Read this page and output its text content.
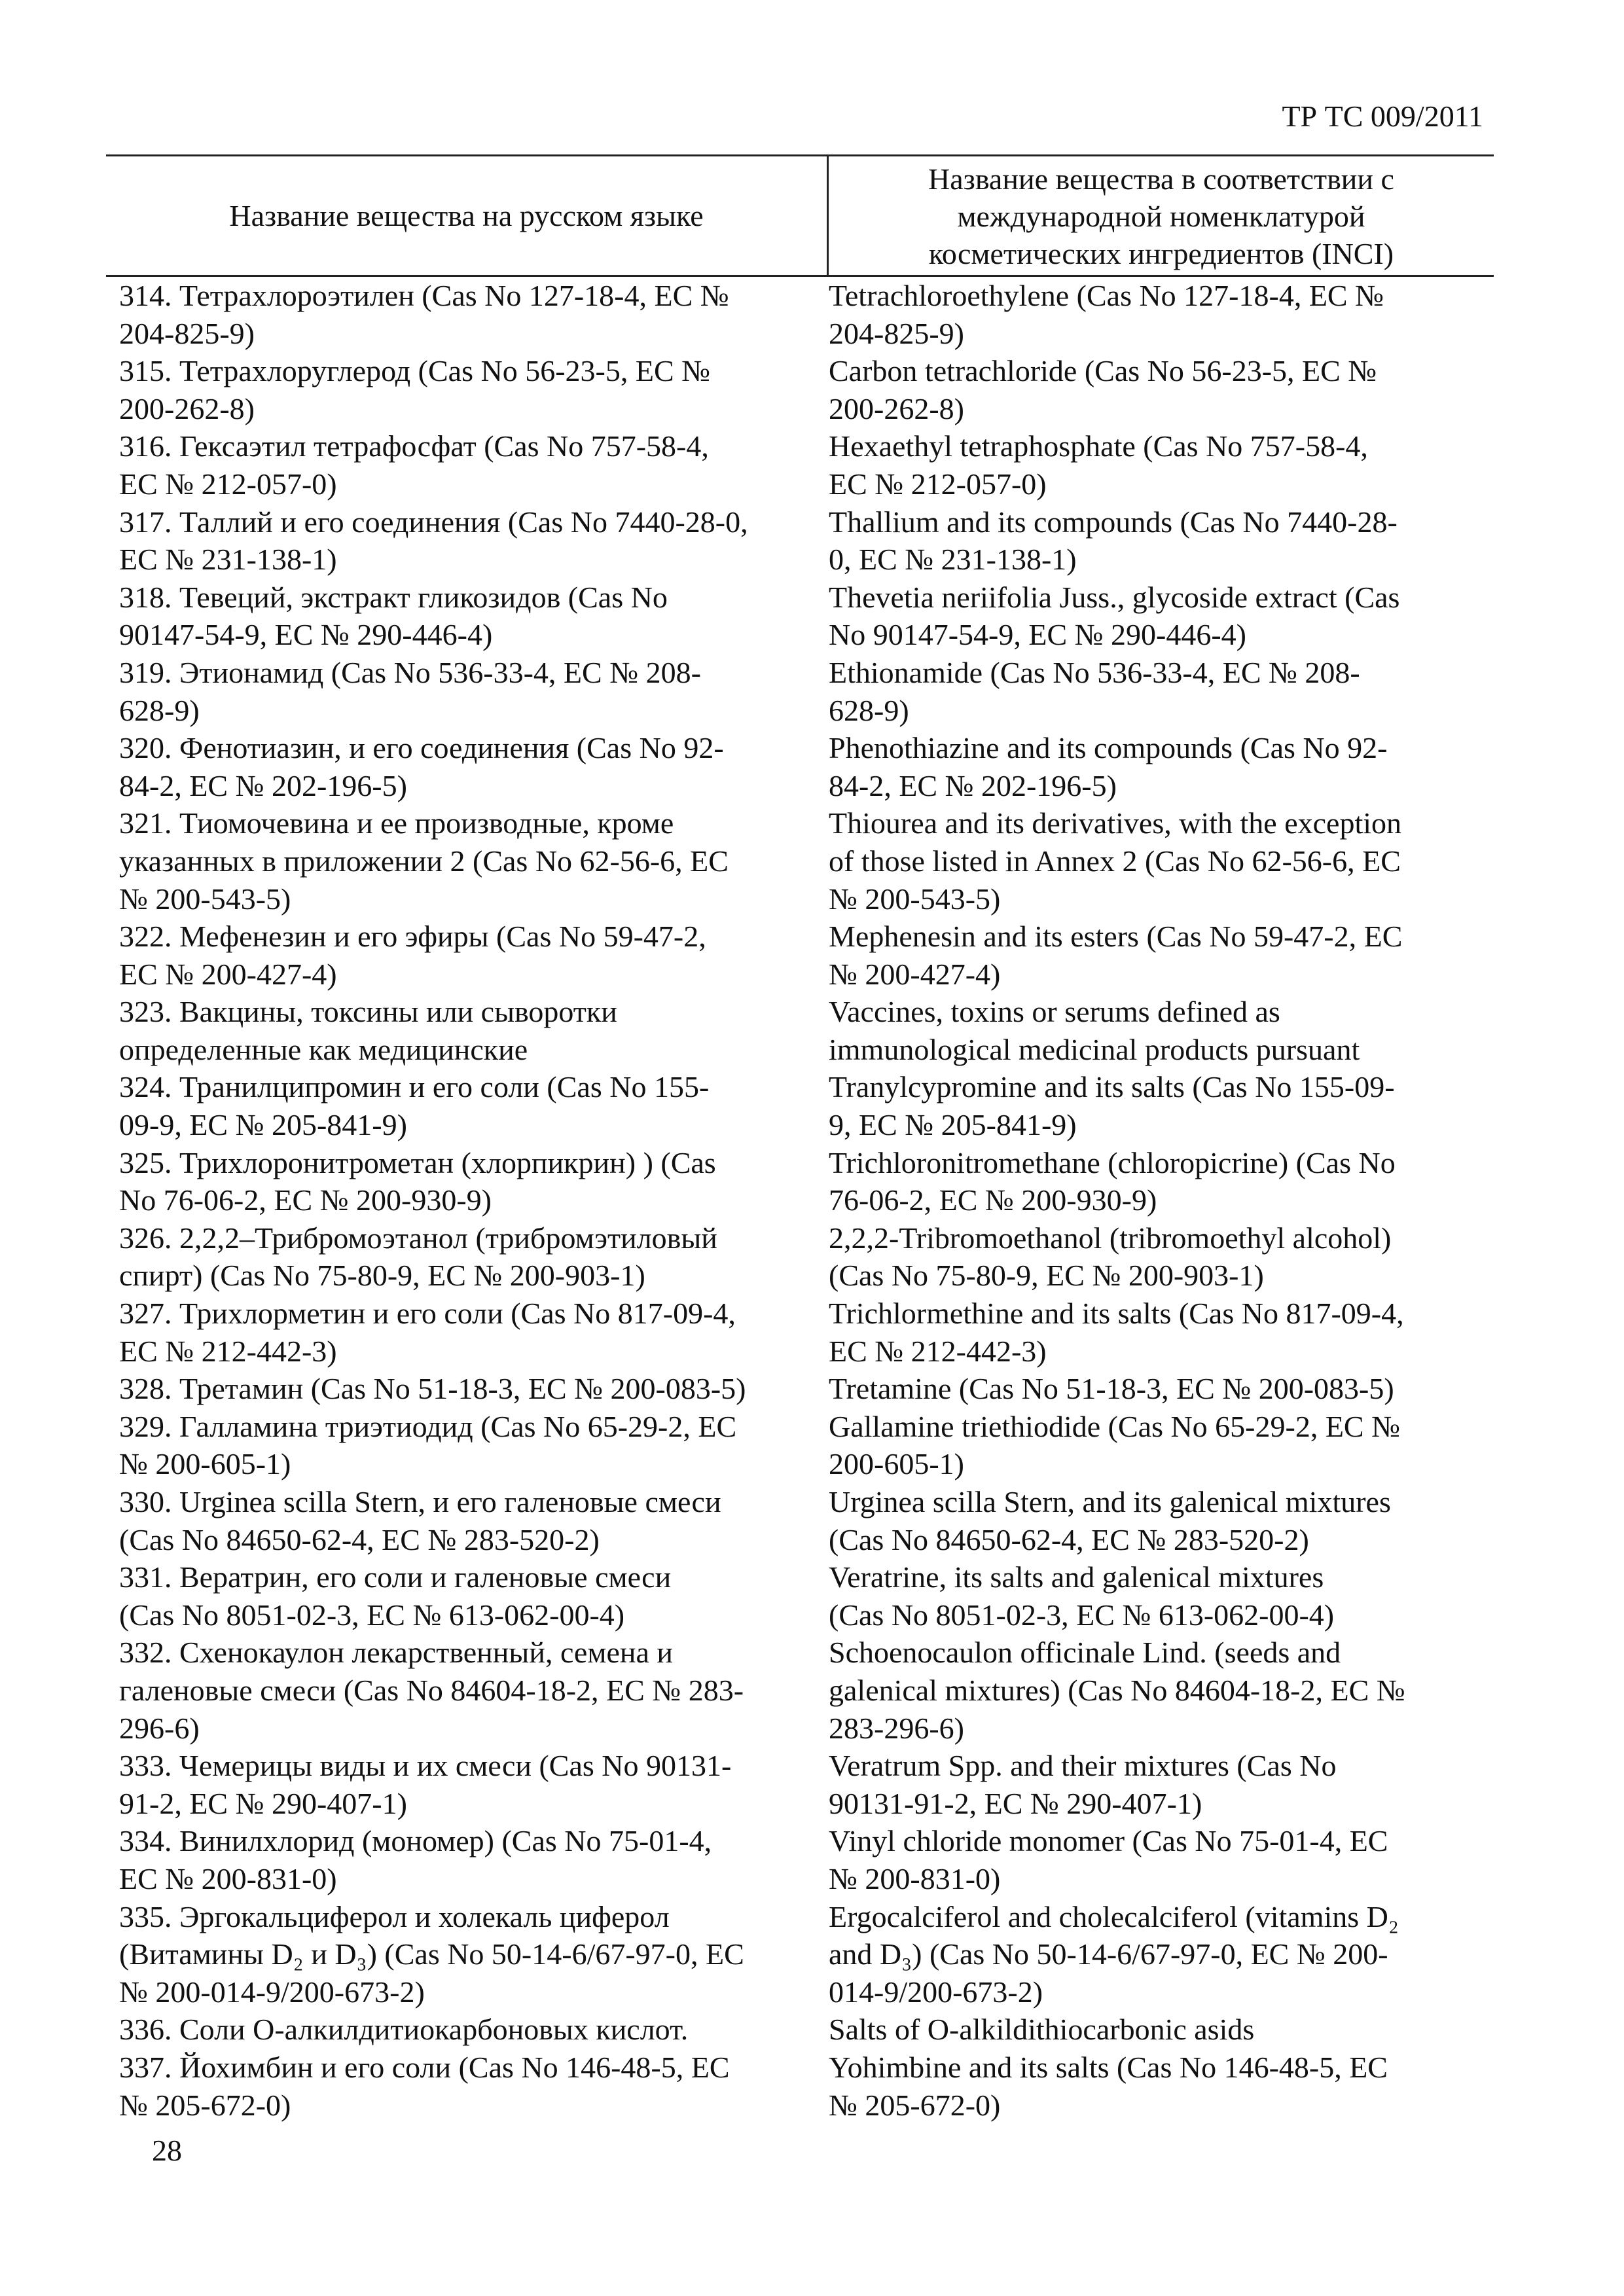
ТР ТС 009/2011
Название вещества на русском языке
Название вещества в соответствии с
международной номенклатурой
косметических ингредиентов (INCI)
314. Тетрахлороэтилен (Cas No 127-18-4, EC №
204-825-9)
Tetrachloroethylene (Cas No 127-18-4, EC №
204-825-9)
315. Тетрахлоруглерод (Cas No 56-23-5, EC №
200-262-8)
Carbon tetrachloride (Cas No 56-23-5, EC №
200-262-8)
316. Гексаэтил тетрафосфат (Cas No 757-58-4,
EC № 212-057-0)
Hexaethyl tetraphosphate (Cas No 757-58-4,
EC № 212-057-0)
317. Таллий и его соединения (Cas No 7440-28-0,
EC № 231-138-1)
Thallium and its compounds (Cas No 7440-28-
0, EC № 231-138-1)
318. Тевеций, экстракт гликозидов (Cas No
90147-54-9, EC № 290-446-4)
Thevetia neriifolia Juss., glycoside extract (Cas
No 90147-54-9, EC № 290-446-4)
319. Этионамид (Cas No 536-33-4, EC № 208-
628-9)
Ethionamide (Cas No 536-33-4, EC № 208-
628-9)
320. Фенотиазин, и его соединения (Cas No 92-
84-2, EC № 202-196-5)
Phenothiazine and its compounds (Cas No 92-
84-2, EC № 202-196-5)
321. Тиомочевина и ее производные, кроме
указанных в приложении 2 (Cas No 62-56-6, EC
№ 200-543-5)
Thiourea and its derivatives, with the exception
of those listed in Annex 2 (Cas No 62-56-6, EC
№ 200-543-5)
322. Мефенезин и его эфиры (Cas No 59-47-2,
EC № 200-427-4)
Mephenesin and its esters (Cas No 59-47-2, EC
№ 200-427-4)
323. Вакцины, токсины или сыворотки
определенные как медицинские
Vaccines, toxins or serums defined as
immunological medicinal products pursuant
324. Транилципромин и его соли (Cas No 155-
09-9, EC № 205-841-9)
Tranylcypromine and its salts (Cas No 155-09-
9, EC № 205-841-9)
325. Трихлоронитрометан (хлорпикрин) ) (Cas
No 76-06-2, EC № 200-930-9)
Trichloronitromethane (chloropicrine) (Cas No
76-06-2, EC № 200-930-9)
326. 2,2,2–Трибромоэтанол (трибромэтиловый
спирт) (Cas No 75-80-9, EC № 200-903-1)
2,2,2-Tribromoethanol (tribromoethyl alcohol)
(Cas No 75-80-9, EC № 200-903-1)
327. Трихлорметин и его соли (Cas No 817-09-4,
EC № 212-442-3)
Trichlormethine and its salts (Cas No 817-09-4,
EC № 212-442-3)
328. Третамин (Cas No 51-18-3, EC № 200-083-5)	Tretamine (Cas No 51-18-3, EC № 200-083-5)
329. Галламина триэтиодид (Cas No 65-29-2, EC
№ 200-605-1)
Gallamine triethiodide (Cas No 65-29-2, EC №
200-605-1)
330. Urginea scilla Stern, и его галеновые смеси
(Cas No 84650-62-4, EC № 283-520-2)
Urginea scilla Stern, and its galenical mixtures
(Cas No 84650-62-4, EC № 283-520-2)
331. Вератрин, его соли и галеновые смеси
(Cas No 8051-02-3, EC № 613-062-00-4)
Veratrine, its salts and galenical mixtures
(Cas No 8051-02-3, EC № 613-062-00-4)
332. Схенокаулон лекарственный, семена и
галеновые смеси (Cas No 84604-18-2, EC № 283-
296-6)
Schoenocaulon officinale Lind. (seeds and
galenical mixtures) (Cas No 84604-18-2, EC №
283-296-6)
333. Чемерицы виды и их смеси (Cas No 90131-
91-2, EC № 290-407-1)
Veratrum Spp. and their mixtures (Cas No
90131-91-2, EC № 290-407-1)
334. Винилхлорид (мономер) (Cas No 75-01-4,
EC № 200-831-0)
Vinyl chloride monomer (Cas No 75-01-4, EC
№ 200-831-0)
335. Эргокальциферол и холекаль циферол
(Витамины D₂ и D₃) (Cas No 50-14-6/67-97-0, EC
№ 200-014-9/200-673-2)
Ergocalciferol and cholecalciferol (vitamins D₂
and D₃) (Cas No 50-14-6/67-97-0, EC № 200-
014-9/200-673-2)
336. Соли О-алкилдитиокарбоновых кислот.	Salts of O-alkildithiocarbonic asids
337. Йохимбин и его соли (Cas No 146-48-5, EC
№ 205-672-0)
Yohimbine and its salts (Cas No 146-48-5, EC
№ 205-672-0)
28
